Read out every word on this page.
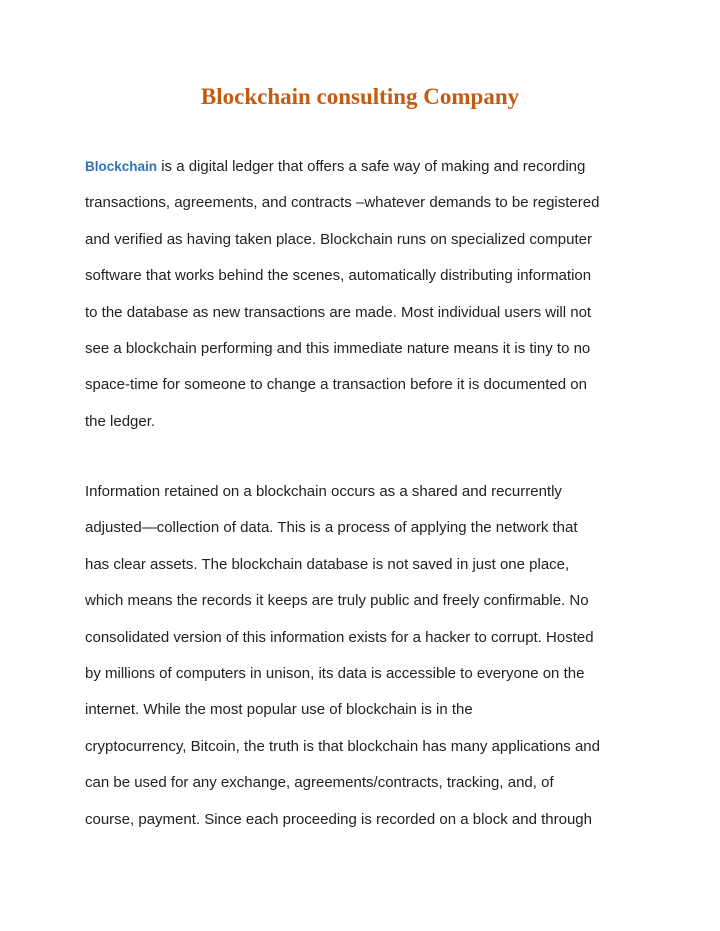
Blockchain consulting Company
Blockchain is a digital ledger that offers a safe way of making and recording
transactions, agreements, and contracts –whatever demands to be registered
and verified as having taken place. Blockchain runs on specialized computer
software that works behind the scenes, automatically distributing information
to the database as new transactions are made. Most individual users will not
see a blockchain performing and this immediate nature means it is tiny to no
space-time for someone to change a transaction before it is documented on
the ledger.
Information retained on a blockchain occurs as a shared and recurrently
adjusted—collection of data. This is a process of applying the network that
has clear assets. The blockchain database is not saved in just one place,
which means the records it keeps are truly public and freely confirmable. No
consolidated version of this information exists for a hacker to corrupt. Hosted
by millions of computers in unison, its data is accessible to everyone on the
internet. While the most popular use of blockchain is in the
cryptocurrency, Bitcoin, the truth is that blockchain has many applications and
can be used for any exchange, agreements/contracts, tracking, and, of
course, payment. Since each proceeding is recorded on a block and through
